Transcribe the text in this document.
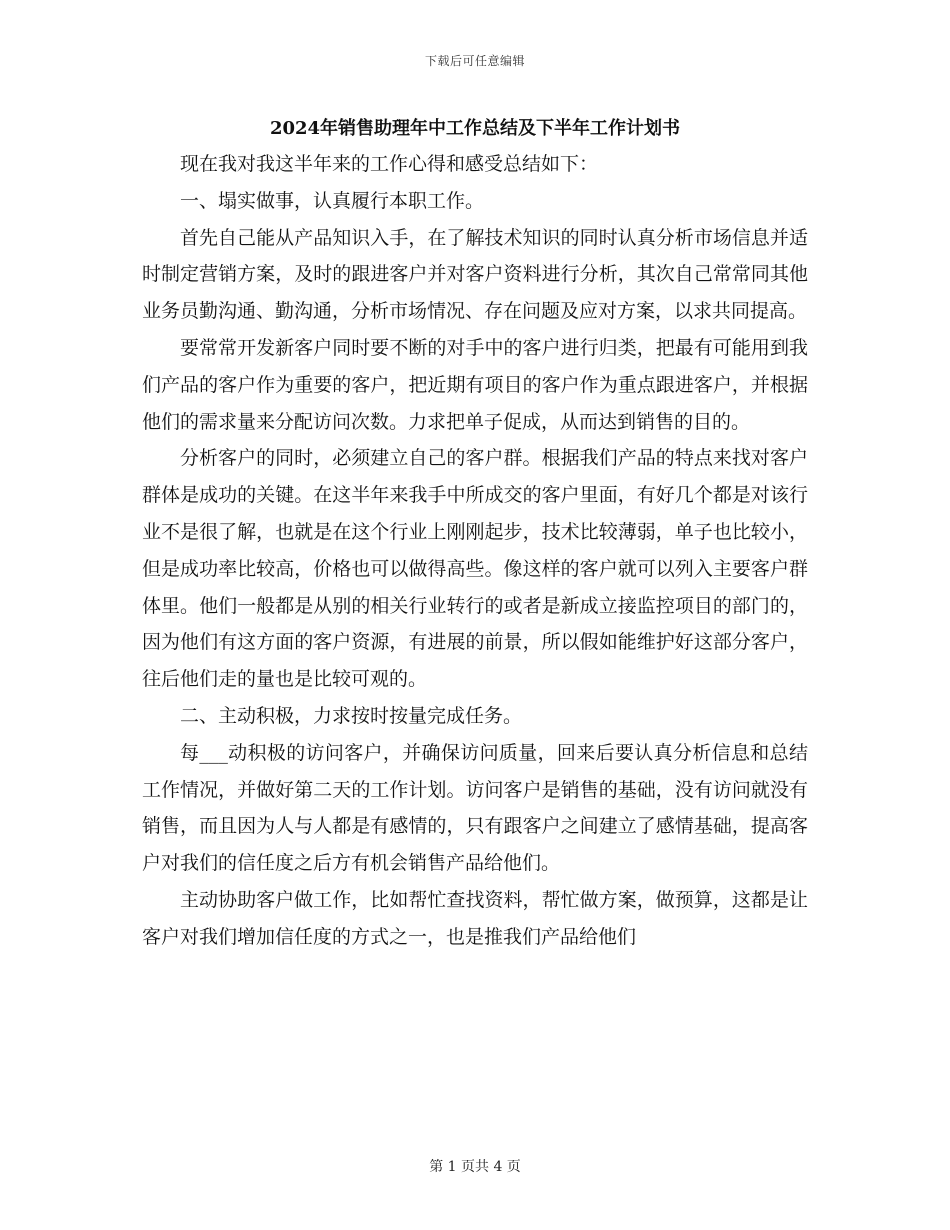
下载后可任意编辑
2024年销售助理年中工作总结及下半年工作计划书

现在我对我这半年来的工作心得和感受总结如下：

一、塌实做事，认真履行本职工作。

首先自己能从产品知识入手，在了解技术知识的同时认真分析市场信息并适时制定营销方案，及时的跟进客户并对客户资料进行分析，其次自己常常同其他业务员勤沟通、勤沟通，分析市场情况、存在问题及应对方案，以求共同提高。

要常常开发新客户同时要不断的对手中的客户进行归类，把最有可能用到我们产品的客户作为重要的客户，把近期有项目的客户作为重点跟进客户，并根据他们的需求量来分配访问次数。力求把单子促成，从而达到销售的目的。

分析客户的同时，必须建立自己的客户群。根据我们产品的特点来找对客户群体是成功的关键。在这半年来我手中所成交的客户里面，有好几个都是对该行业不是很了解，也就是在这个行业上刚刚起步，技术比较薄弱，单子也比较小，但是成功率比较高，价格也可以做得高些。像这样的客户就可以列入主要客户群体里。他们一般都是从别的相关行业转行的或者是新成立接监控项目的部门的，因为他们有这方面的客户资源，有进展的前景，所以假如能维护好这部分客户，往后他们走的量也是比较可观的。

二、主动积极，力求按时按量完成任务。

每___动积极的访问客户，并确保访问质量，回来后要认真分析信息和总结工作情况，并做好第二天的工作计划。访问客户是销售的基础，没有访问就没有销售，而且因为人与人都是有感情的，只有跟客户之间建立了感情基础，提高客户对我们的信任度之后方有机会销售产品给他们。

主动协助客户做工作，比如帮忙查找资料，帮忙做方案，做预算，这都是让客户对我们增加信任度的方式之一，也是推我们产品给他们

第 1 页共 4 页
